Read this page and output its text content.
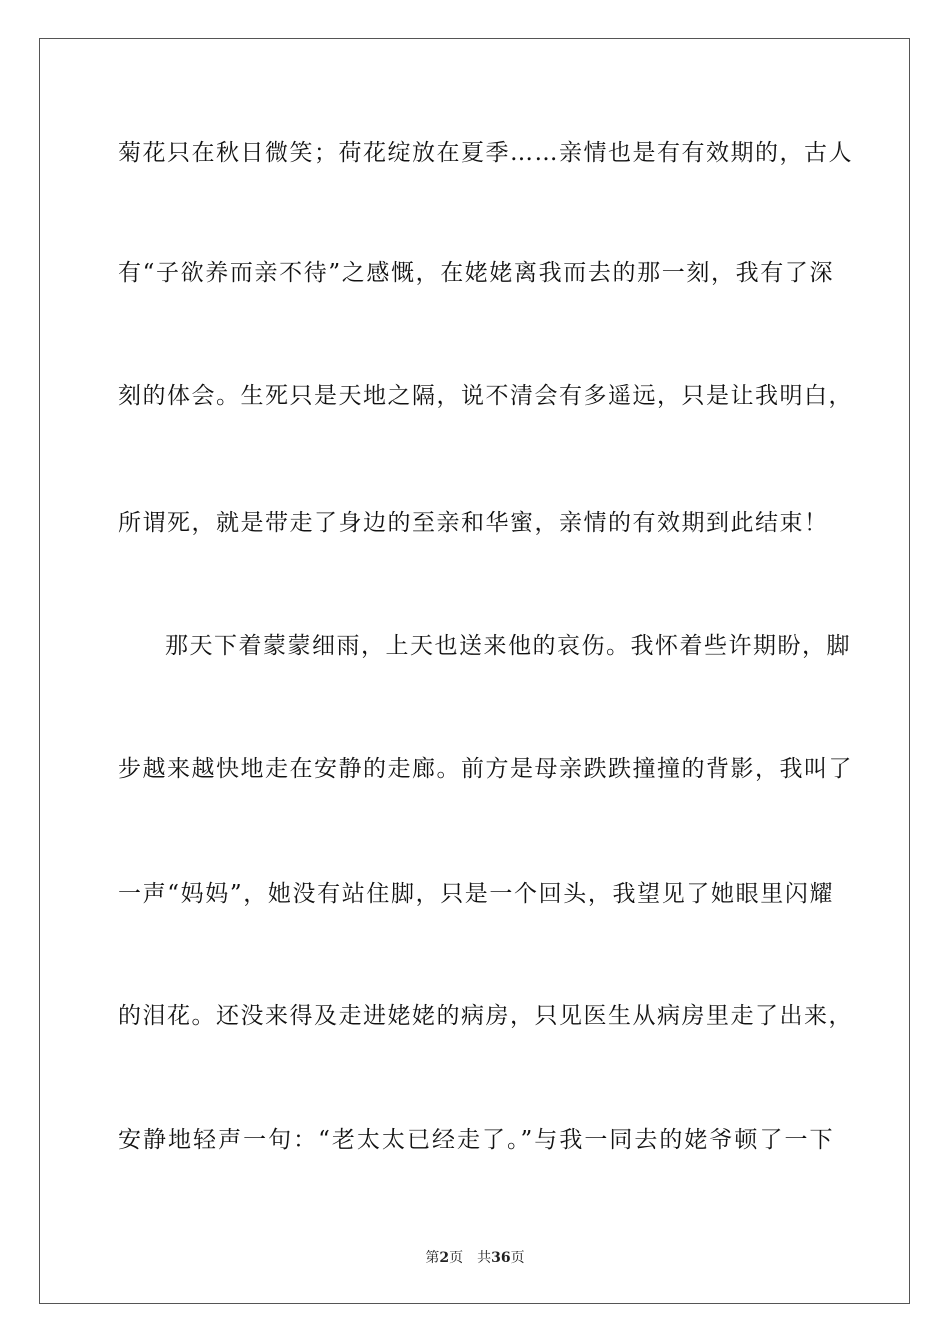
菊花只在秋日微笑；荷花绽放在夏季……亲情也是有有效期的，古人
有“子欲养而亲不待”之感慨，在姥姥离我而去的那一刻，我有了深
刻的体会。生死只是天地之隔，说不清会有多遥远，只是让我明白，
所谓死，就是带走了身边的至亲和华蜜，亲情的有效期到此结束！
那天下着蒙蒙细雨，上天也送来他的哀伤。我怀着些许期盼，脚
步越来越快地走在安静的走廊。前方是母亲跌跌撞撞的背影，我叫了
一声“妈妈”，她没有站住脚，只是一个回头，我望见了她眼里闪耀
的泪花。还没来得及走进姥姥的病房，只见医生从病房里走了出来，
安静地轻声一句：“老太太已经走了。”与我一同去的姥爷顿了一下
第2页　共36页
